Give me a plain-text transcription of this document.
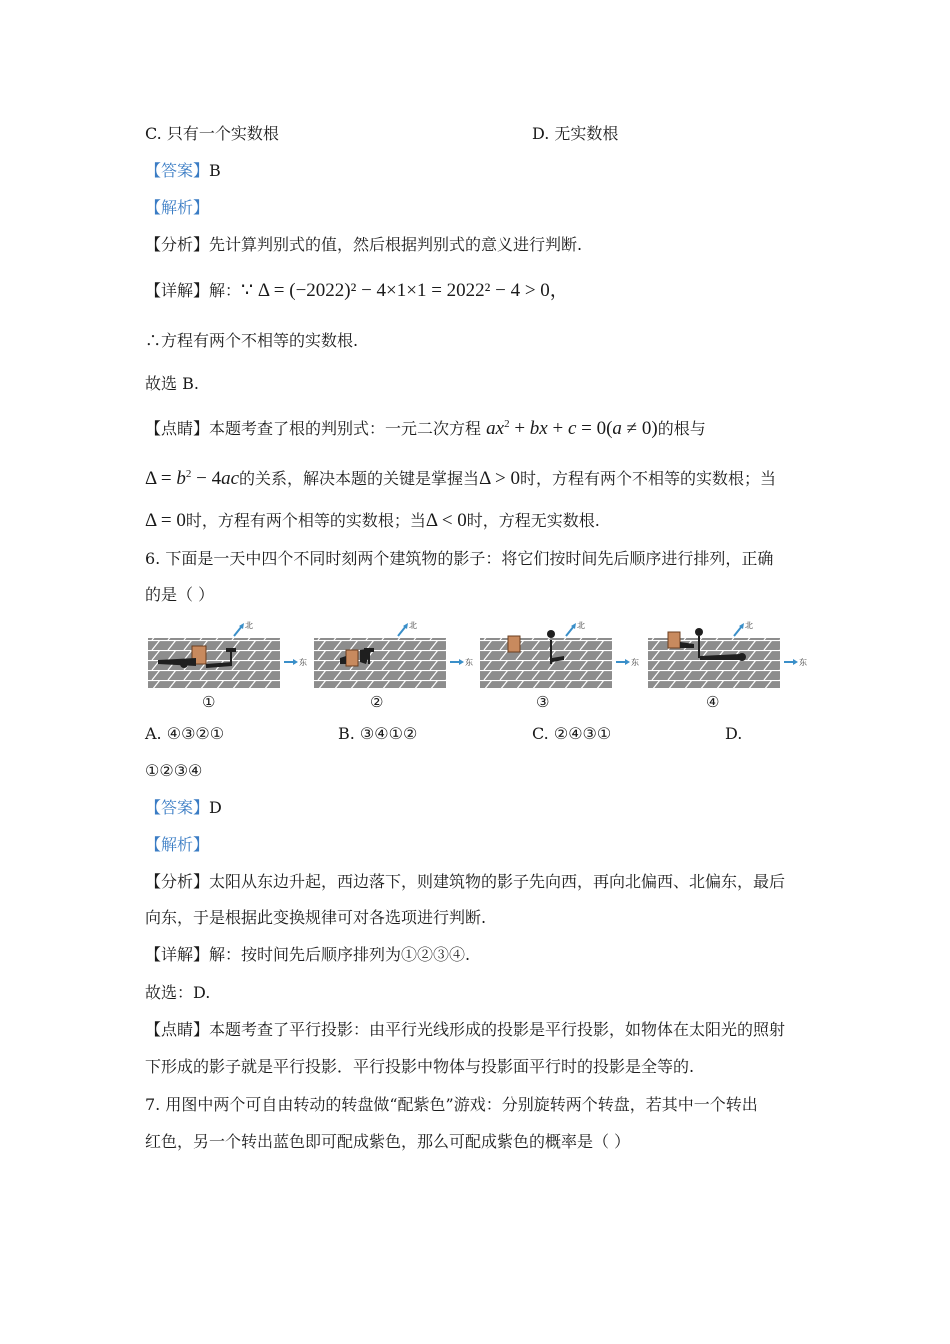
C. 只有一个实数根	D. 无实数根
【答案】B
【解析】
【分析】先计算判别式的值，然后根据判别式的意义进行判断.
【详解】解：∵ Δ = (−2022)² − 4×1×1 = 2022² − 4 > 0，
∴方程有两个不相等的实数根.
故选 B.
【点睛】本题考查了根的判别式：一元二次方程 $ax^2$ + bx + c = 0(a ≠ 0)的根与
$\Delta = b^2 - 4ac$的关系，解决本题的关键是掌握当Δ > 0时，方程有两个不相等的实数根；当
Δ = 0时，方程有两个相等的实数根；当Δ < 0时，方程无实数根.
6. 下面是一天中四个不同时刻两个建筑物的影子：将它们按时间先后顺序进行排列，正确
的是（ ）
北
东
北
东
北
东
北
东
①	②	③	④
A. ④③②①	B. ③④①②	C. ②④③①	D.
①②③④
【答案】D
【解析】
【分析】太阳从东边升起，西边落下，则建筑物的影子先向西，再向北偏西、北偏东，最后
向东，于是根据此变换规律可对各选项进行判断.
【详解】解：按时间先后顺序排列为①②③④.
故选：D.
【点睛】本题考查了平行投影：由平行光线形成的投影是平行投影，如物体在太阳光的照射
下形成的影子就是平行投影．平行投影中物体与投影面平行时的投影是全等的.
7. 用图中两个可自由转动的转盘做“配紫色”游戏：分别旋转两个转盘，若其中一个转出
红色，另一个转出蓝色即可配成紫色，那么可配成紫色的概率是（ ）
